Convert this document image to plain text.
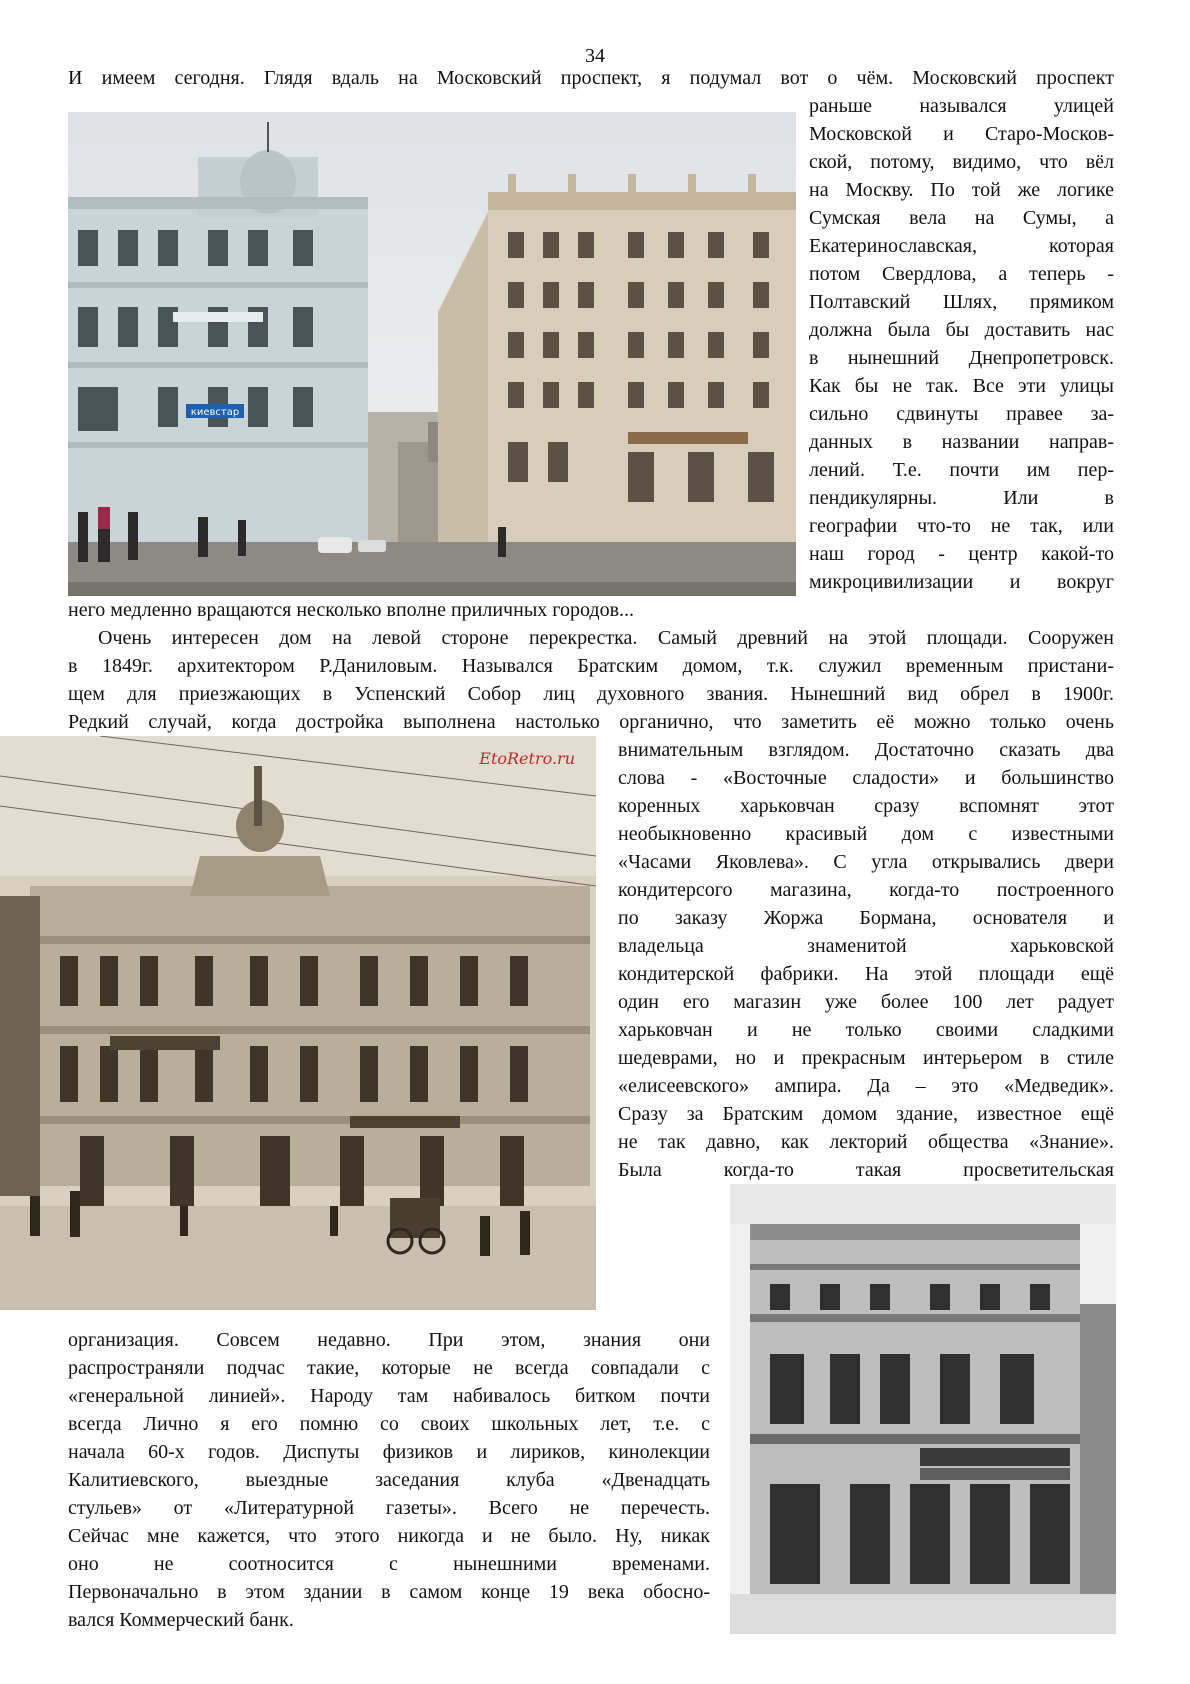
34
И имеем сегодня. Глядя вдаль на Московский проспект, я подумал вот о чём. Московский проспект
раньше назывался улицей
Московской и Старо-Москов-
ской, потому, видимо, что вёл
на Москву. По той же логике
Сумская вела на Сумы, а
Екатеринославская, которая
потом Свердлова, а теперь -
Полтавский Шлях, прямиком
должна была бы доставить нас
в нынешний Днепропетровск.
Как бы не так. Все эти улицы
сильно сдвинуты правее за-
данных в названии направ-
лений. Т.е. почти им пер-
пендикулярны. Или в
географии что-то не так, или
наш город - центр какой-то
микроцивилизации и вокруг
него медленно вращаются несколько вполне приличных городов...
Очень интересен дом на левой стороне перекрестка. Самый древний на этой площади. Сооружен
в 1849г. архитектором Р.Даниловым. Назывался Братским домом, т.к. служил временным пристани-
щем для приезжающих в Успенский Собор лиц духовного звания. Нынешний вид обрел в 1900г.
Редкий случай, когда достройка выполнена настолько органично, что заметить её можно только очень
внимательным взглядом. Достаточно сказать два
слова - «Восточные сладости» и большинство
коренных харьковчан сразу вспомнят этот
необыкновенно красивый дом с известными
«Часами Яковлева». С угла открывались двери
кондитерсого магазина, когда-то построенного
по заказу Жоржа Бормана, основателя и
владельца знаменитой харьковской
кондитерской фабрики. На этой площади ещё
один его магазин уже более 100 лет радует
харьковчан и не только своими сладкими
шедеврами, но и прекрасным интерьером в стиле
«елисеевского» ампира. Да – это «Медведик».
Сразу за Братским домом здание, известное ещё
не так давно, как лекторий общества «Знание».
Была когда-то такая просветительская
организация. Совсем недавно. При этом, знания они
распространяли подчас такие, которые не всегда совпадали с
«генеральной линией». Народу там набивалось битком почти
всегда Лично я его помню со своих школьных лет, т.е. с
начала 60-х годов. Диспуты физиков и лириков, кинолекции
Калитиевского, выездные заседания клуба «Двенадцать
стульев» от «Литературной газеты». Всего не перечесть.
Сейчас мне кажется, что этого никогда и не было. Ну, никак
оно не соотносится с нынешними временами.
Первоначально в этом здании в самом конце 19 века обосно-
вался Коммерческий банк.
киевстар
EtoRetro.ru
